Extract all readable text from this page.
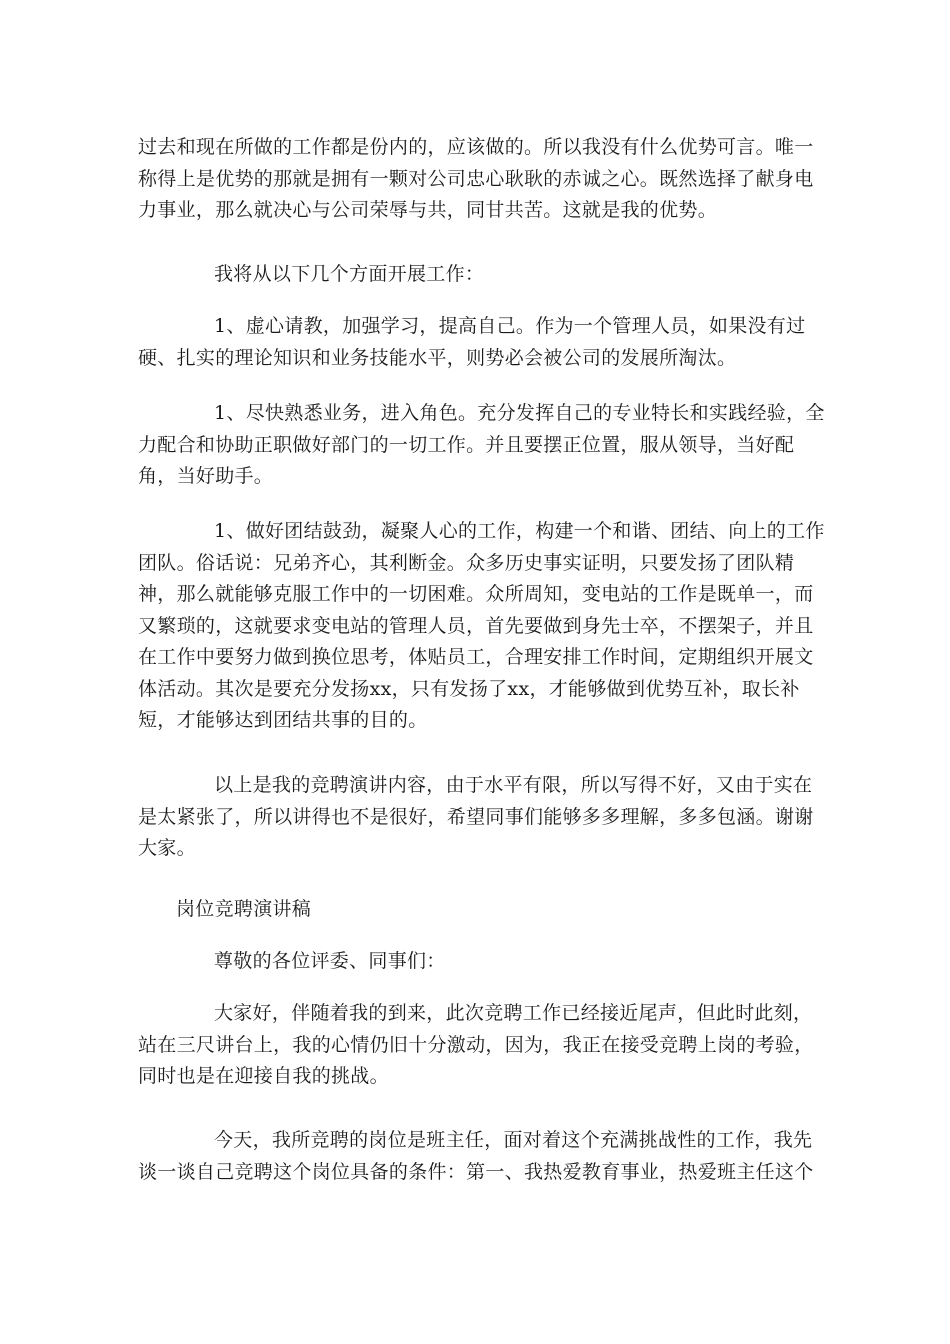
过去和现在所做的工作都是份内的，应该做的。所以我没有什么优势可言。唯一称得上是优势的那就是拥有一颗对公司忠心耿耿的赤诚之心。既然选择了献身电力事业，那么就决心与公司荣辱与共，同甘共苦。这就是我的优势。

我将从以下几个方面开展工作：

1、虚心请教，加强学习，提高自己。作为一个管理人员，如果没有过硬、扎实的理论知识和业务技能水平，则势必会被公司的发展所淘汰。

1、尽快熟悉业务，进入角色。充分发挥自己的专业特长和实践经验，全力配合和协助正职做好部门的一切工作。并且要摆正位置，服从领导，当好配角，当好助手。

1、做好团结鼓劲，凝聚人心的工作，构建一个和谐、团结、向上的工作团队。俗话说：兄弟齐心，其利断金。众多历史事实证明，只要发扬了团队精神，那么就能够克服工作中的一切困难。众所周知，变电站的工作是既单一，而又繁琐的，这就要求变电站的管理人员，首先要做到身先士卒，不摆架子，并且在工作中要努力做到换位思考，体贴员工，合理安排工作时间，定期组织开展文体活动。其次是要充分发扬xx，只有发扬了xx，才能够做到优势互补，取长补短，才能够达到团结共事的目的。

以上是我的竞聘演讲内容，由于水平有限，所以写得不好，又由于实在是太紧张了，所以讲得也不是很好，希望同事们能够多多理解，多多包涵。谢谢大家。

岗位竞聘演讲稿

尊敬的各位评委、同事们：

大家好，伴随着我的到来，此次竞聘工作已经接近尾声，但此时此刻，站在三尺讲台上，我的心情仍旧十分激动，因为，我正在接受竞聘上岗的考验，同时也是在迎接自我的挑战。

今天，我所竞聘的岗位是班主任，面对着这个充满挑战性的工作，我先谈一谈自己竞聘这个岗位具备的条件：第一、我热爱教育事业，热爱班主任这个
